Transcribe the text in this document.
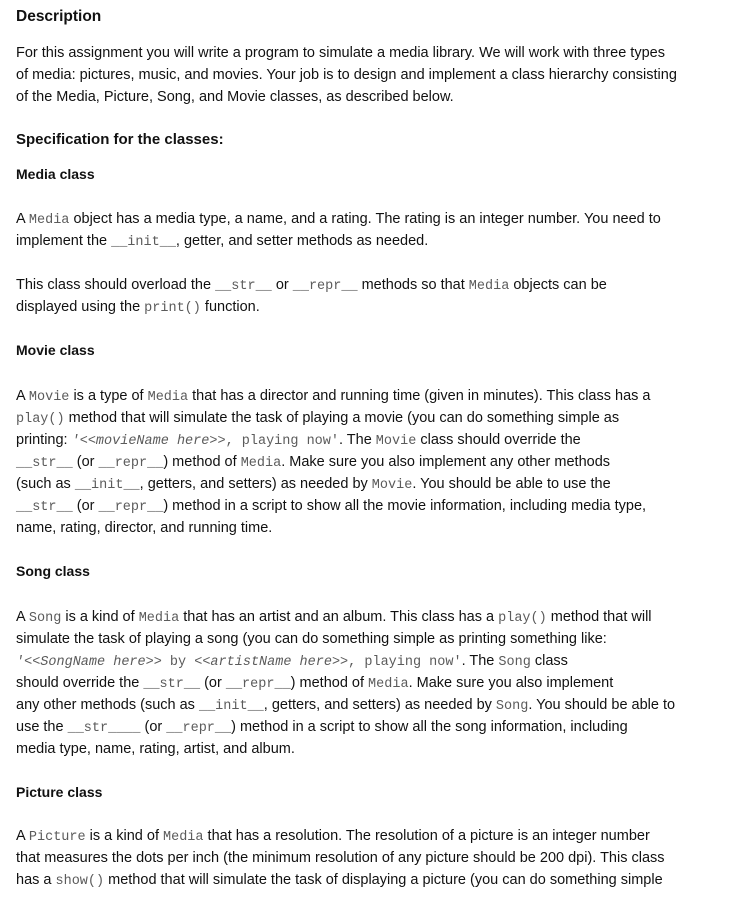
Description
For this assignment you will write a program to simulate a media library. We will work with three types
of media: pictures, music, and movies. Your job is to design and implement a class hierarchy consisting
of the Media, Picture, Song, and Movie classes, as described below.
Specification for the classes:
Media class
A Media object has a media type, a name, and a rating. The rating is an integer number. You need to
implement the __init__, getter, and setter methods as needed.
This class should overload the __str__ or __repr__ methods so that Media objects can be
displayed using the print() function.
Movie class
A Movie is a type of Media that has a director and running time (given in minutes). This class has a
play() method that will simulate the task of playing a movie (you can do something simple as
printing: '<<movieName here>>, playing now'. The Movie class should override the
__str__ (or __repr__) method of Media. Make sure you also implement any other methods
(such as __init__, getters, and setters) as needed by Movie. You should be able to use the
__str__ (or __repr__) method in a script to show all the movie information, including media type,
name, rating, director, and running time.
Song class
A Song is a kind of Media that has an artist and an album. This class has a play() method that will
simulate the task of playing a song (you can do something simple as printing something like:
'<<SongName here>> by <<artistName here>>, playing now'. The Song class
should override the __str__ (or __repr__) method of Media. Make sure you also implement
any other methods (such as __init__, getters, and setters) as needed by Song. You should be able to
use the __str____ (or __repr__) method in a script to show all the song information, including
media type, name, rating, artist, and album.
Picture class
A Picture is a kind of Media that has a resolution. The resolution of a picture is an integer number
that measures the dots per inch (the minimum resolution of any picture should be 200 dpi). This class
has a show() method that will simulate the task of displaying a picture (you can do something simple
